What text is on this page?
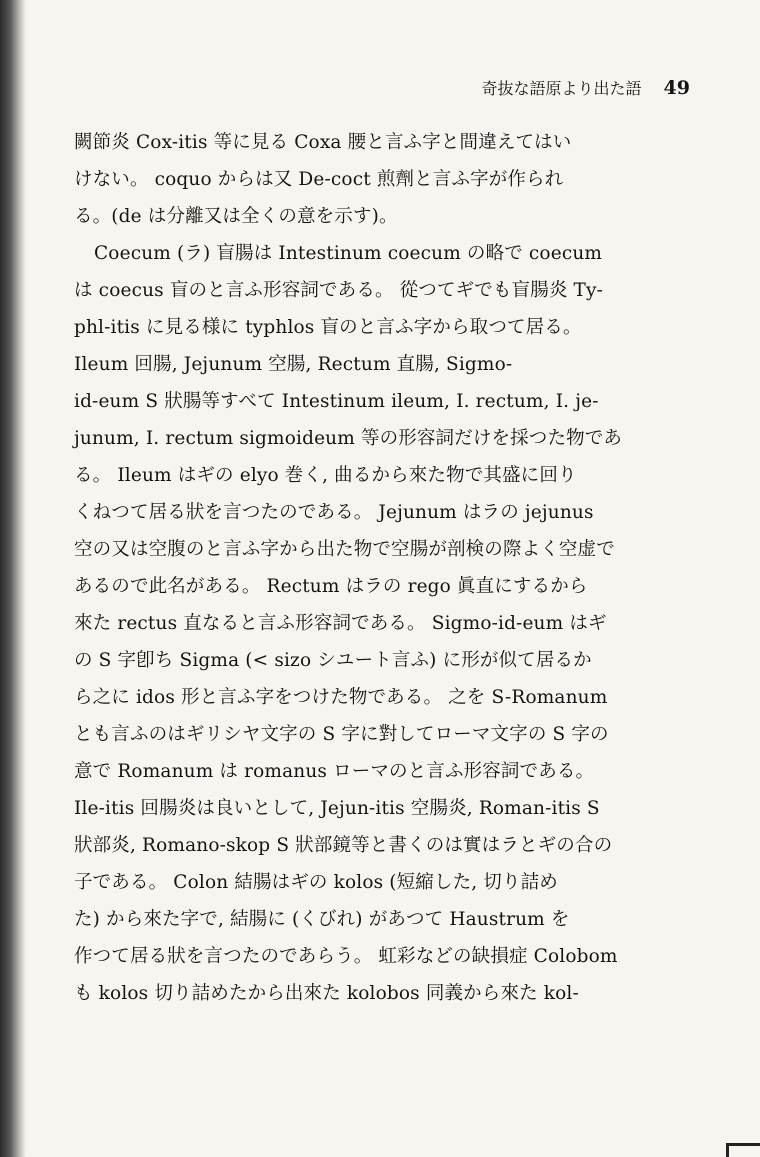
奇抜な語原より出た語 49
闕節炎 Cox-itis 等に見る Coxa 腰と言ふ字と間違えてはい
けない。 coquo からは又 De-coct 煎劑と言ふ字が作られ
る。(de は分離又は全くの意を示す)。
Coecum (ラ) 盲腸は Intestinum coecum の略で coecum
は coecus 盲のと言ふ形容詞である。 從つてギでも盲腸炎 Ty-
phl-itis に見る様に typhlos 盲のと言ふ字から取つて居る。
Ileum 回腸, Jejunum 空腸, Rectum 直腸, Sigmo-
id-eum S 狀腸等すべて Intestinum ileum, I. rectum, I. je-
junum, I. rectum sigmoideum 等の形容詞だけを採つた物であ
る。 Ileum はギの elyo 巻く, 曲るから來た物で其盛に回り
くねつて居る狀を言つたのである。 Jejunum はラの jejunus
空の又は空腹のと言ふ字から出た物で空腸が剖検の際よく空虚で
あるので此名がある。 Rectum はラの rego 眞直にするから
來た rectus 直なると言ふ形容詞である。 Sigmo-id-eum はギ
の S 字卽ち Sigma (< sizo シユート言ふ) に形が似て居るか
ら之に idos 形と言ふ字をつけた物である。 之を S-Romanum
とも言ふのはギリシヤ文字の S 字に對してローマ文字の S 字の
意で Romanum は romanus ローマのと言ふ形容詞である。
Ile-itis 回腸炎は良いとして, Jejun-itis 空腸炎, Roman-itis S
狀部炎, Romano-skop S 狀部鏡等と書くのは實はラとギの合の
子である。 Colon 結腸はギの kolos (短縮した, 切り詰め
た) から來た字で, 結腸に (くびれ) があつて Haustrum を
作つて居る狀を言つたのであらう。 虹彩などの缺損症 Colobom
も kolos 切り詰めたから出來た kolobos 同義から來た kol-
